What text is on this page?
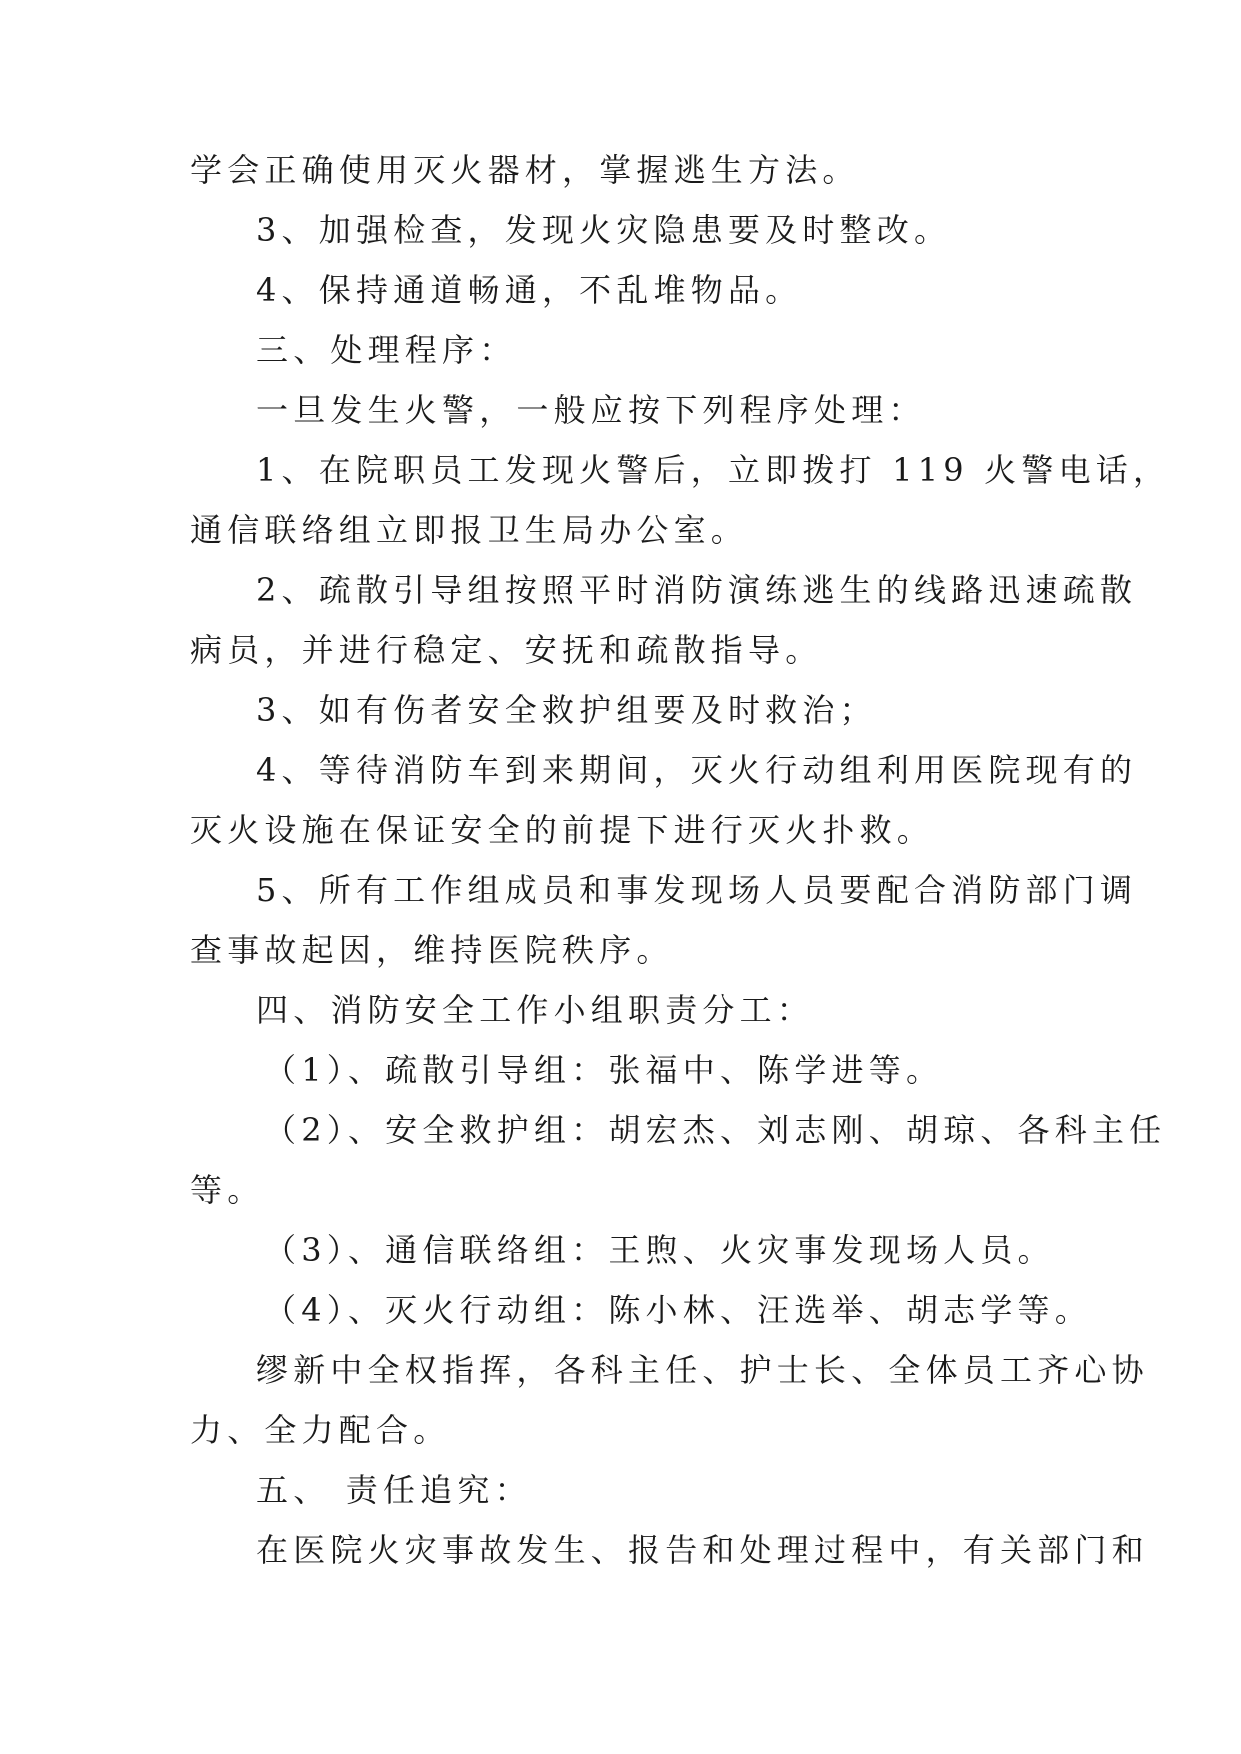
学会正确使用灭火器材，掌握逃生方法。
3、加强检查，发现火灾隐患要及时整改。
4、保持通道畅通，不乱堆物品。
三、处理程序：
一旦发生火警，一般应按下列程序处理：
1、在院职员工发现火警后，立即拨打 119 火警电话，
通信联络组立即报卫生局办公室。
2、疏散引导组按照平时消防演练逃生的线路迅速疏散
病员，并进行稳定、安抚和疏散指导。
3、如有伤者安全救护组要及时救治；
4、等待消防车到来期间，灭火行动组利用医院现有的
灭火设施在保证安全的前提下进行灭火扑救。
5、所有工作组成员和事发现场人员要配合消防部门调
查事故起因，维持医院秩序。
四、消防安全工作小组职责分工：
（1）、疏散引导组：张福中、陈学进等。
（2）、安全救护组：胡宏杰、刘志刚、胡琼、各科主任
等。
（3）、通信联络组：王煦、火灾事发现场人员。
（4）、灭火行动组：陈小林、汪选举、胡志学等。
缪新中全权指挥，各科主任、护士长、全体员工齐心协
力、全力配合。
五、 责任追究：
在医院火灾事故发生、报告和处理过程中，有关部门和
